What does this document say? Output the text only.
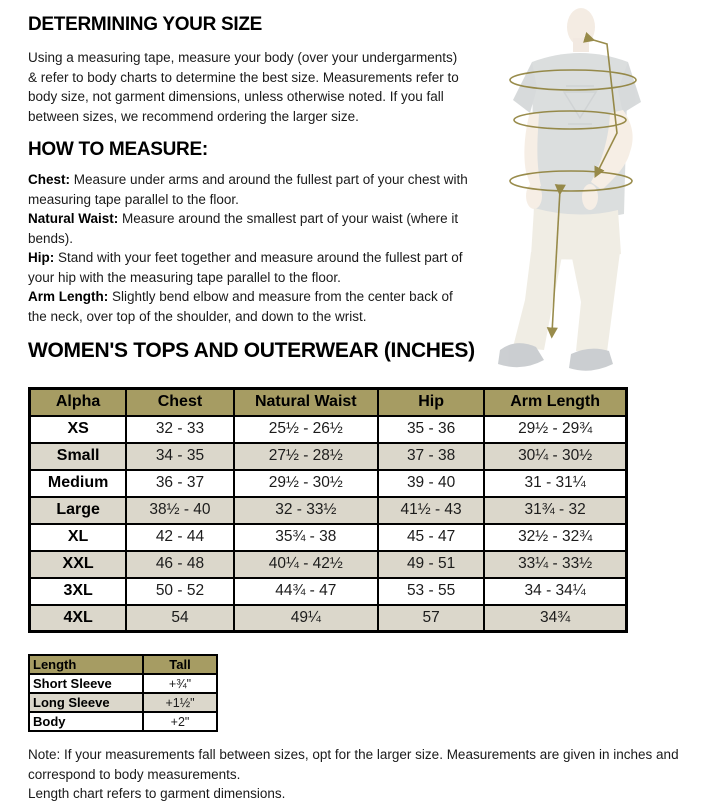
DETERMINING YOUR SIZE

Using a measuring tape, measure your body (over your undergarments) & refer to body charts to determine the best size. Measurements refer to body size, not garment dimensions, unless otherwise noted. If you fall between sizes, we recommend ordering the larger size.

HOW TO MEASURE:

Chest: Measure under arms and around the fullest part of your chest with measuring tape parallel to the floor.

Natural Waist: Measure around the smallest part of your waist (where it bends).

Hip: Stand with your feet together and measure around the fullest part of your hip with the measuring tape parallel to the floor.

Arm Length: Slightly bend elbow and measure from the center back of the neck, over top of the shoulder, and down to the wrist.

WOMEN'S TOPS AND OUTERWEAR (INCHES)
Alpha	Chest	Natural Waist	Hip	Arm Length
XS	32 - 33	25½ - 26½	35 - 36	29½ - 29¾
Small	34 - 35	27½ - 28½	37 - 38	30¼ - 30½
Medium	36 - 37	29½ - 30½	39 - 40	31 - 31¼
Large	38½ - 40	32 - 33½	41½ - 43	31¾ - 32
XL	42 - 44	35¾ - 38	45 - 47	32½ - 32¾
XXL	46 - 48	40¼ - 42½	49 - 51	33¼ - 33½
3XL	50 - 52	44¾ - 47	53 - 55	34 - 34¼
4XL	54	49¼	57	34¾
Length	Tall
Short Sleeve	+¾"
Long Sleeve	+1½"
Body	+2"

Note: If your measurements fall between sizes, opt for the larger size. Measurements are given in inches and correspond to body measurements.

Length chart refers to garment dimensions.
